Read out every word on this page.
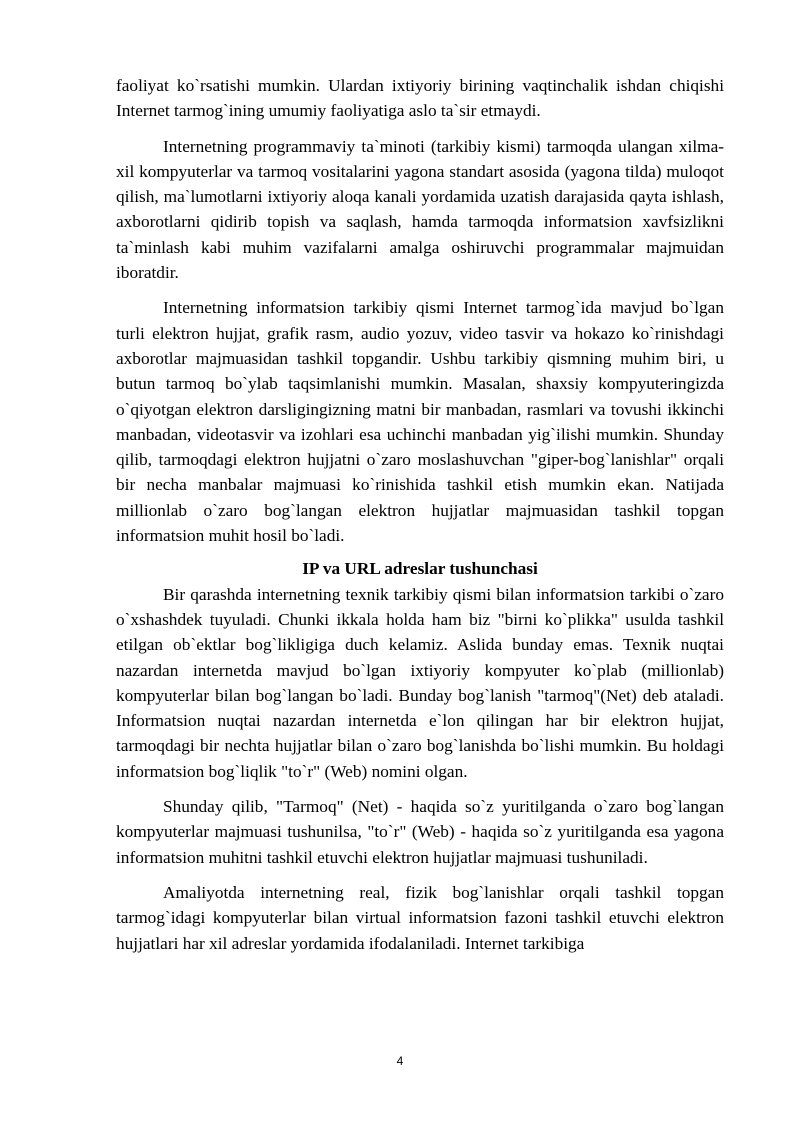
faoliyat ko`rsatishi mumkin. Ulardan ixtiyoriy birining vaqtinchalik ishdan chiqishi Internet tarmog`ining umumiy faoliyatiga aslo ta`sir etmaydi.

Internetning programmaviy ta`minoti (tarkibiy kismi) tarmoqda ulangan xilma-xil kompyuterlar va tarmoq vositalarini yagona standart asosida (yagona tilda) muloqot qilish, ma`lumotlarni ixtiyoriy aloqa kanali yordamida uzatish darajasida qayta ishlash, axborotlarni qidirib topish va saqlash, hamda tarmoqda informatsion xavfsizlikni ta`minlash kabi muhim vazifalarni amalga oshiruvchi programmalar majmuidan iboratdir.

Internetning informatsion tarkibiy qismi Internet tarmog`ida mavjud bo`lgan turli elektron hujjat, grafik rasm, audio yozuv, video tasvir va hokazo ko`rinishdagi axborotlar majmuasidan tashkil topgandir. Ushbu tarkibiy qismning muhim biri, u butun tarmoq bo`ylab taqsimlanishi mumkin. Masalan, shaxsiy kompyuteringizda o`qiyotgan elektron darsligingizning matni bir manbadan, rasmlari va tovushi ikkinchi manbadan, videotasvir va izohlari esa uchinchi manbadan yig`ilishi mumkin. Shunday qilib, tarmoqdagi elektron hujjatni o`zaro moslashuvchan "giper-bog`lanishlar" orqali bir necha manbalar majmuasi ko`rinishida tashkil etish mumkin ekan. Natijada millionlab o`zaro bog`langan elektron hujjatlar majmuasidan tashkil topgan informatsion muhit hosil bo`ladi.

IP va URL adreslar tushunchasi

Bir qarashda internetning texnik tarkibiy qismi bilan informatsion tarkibi o`zaro o`xshashdek tuyuladi. Chunki ikkala holda ham biz "birni ko`plikka" usulda tashkil etilgan ob`ektlar bog`likligiga duch kelamiz. Aslida bunday emas. Texnik nuqtai nazardan internetda mavjud bo`lgan ixtiyoriy kompyuter ko`plab (millionlab) kompyuterlar bilan bog`langan bo`ladi. Bunday bog`lanish "tarmoq"(Net) deb ataladi. Informatsion nuqtai nazardan internetda e`lon qilingan har bir elektron hujjat, tarmoqdagi bir nechta hujjatlar bilan o`zaro bog`lanishda bo`lishi mumkin. Bu holdagi informatsion bog`liqlik "to`r" (Web) nomini olgan.

Shunday qilib, "Tarmoq" (Net) - haqida so`z yuritilganda o`zaro bog`langan kompyuterlar majmuasi tushunilsa, "to`r" (Web) - haqida so`z yuritilganda esa yagona informatsion muhitni tashkil etuvchi elektron hujjatlar majmuasi tushuniladi.

Amaliyotda internetning real, fizik bog`lanishlar orqali tashkil topgan tarmog`idagi kompyuterlar bilan virtual informatsion fazoni tashkil etuvchi elektron hujjatlari har xil adreslar yordamida ifodalaniladi. Internet tarkibiga

4
